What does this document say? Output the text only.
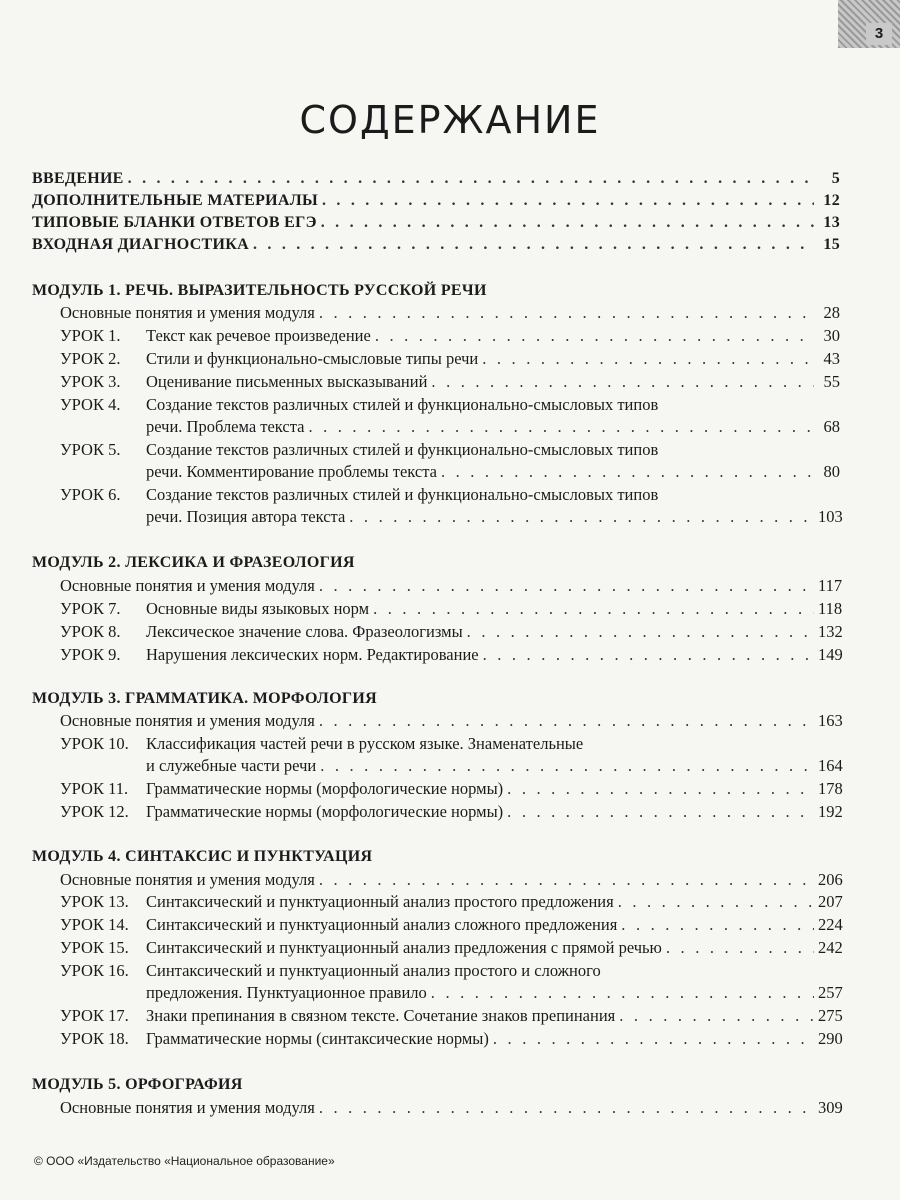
3
СОДЕРЖАНИЕ
ВВЕДЕНИЕ . . .	5
ДОПОЛНИТЕЛЬНЫЕ МАТЕРИАЛЫ . . .	12
ТИПОВЫЕ БЛАНКИ ОТВЕТОВ ЕГЭ . . .	13
ВХОДНАЯ ДИАГНОСТИКА . . .	15
МОДУЛЬ 1. РЕЧЬ. ВЫРАЗИТЕЛЬНОСТЬ РУССКОЙ РЕЧИ
Основные понятия и умения модуля . . .	28
УРОК 1. Текст как речевое произведение . . .	30
УРОК 2. Стили и функционально-смысловые типы речи . . .	43
УРОК 3. Оценивание письменных высказываний . . .	55
УРОК 4. Создание текстов различных стилей и функционально-смысловых типов
речи. Проблема текста . . .	68
УРОК 5. Создание текстов различных стилей и функционально-смысловых типов
речи. Комментирование проблемы текста . . .	80
УРОК 6. Создание текстов различных стилей и функционально-смысловых типов
речи. Позиция автора текста . . .	103
МОДУЛЬ 2. ЛЕКСИКА И ФРАЗЕОЛОГИЯ
Основные понятия и умения модуля . . .	117
УРОК 7. Основные виды языковых норм . . .	118
УРОК 8. Лексическое значение слова. Фразеологизмы . . .	132
УРОК 9. Нарушения лексических норм. Редактирование . . .	149
МОДУЛЬ 3. ГРАММАТИКА. МОРФОЛОГИЯ
Основные понятия и умения модуля . . .	163
УРОК 10. Классификация частей речи в русском языке. Знаменательные
и служебные части речи . . .	164
УРОК 11. Грамматические нормы (морфологические нормы) . . .	178
УРОК 12. Грамматические нормы (морфологические нормы) . . .	192
МОДУЛЬ 4. СИНТАКСИС И ПУНКТУАЦИЯ
Основные понятия и умения модуля . . .	206
УРОК 13. Синтаксический и пунктуационный анализ простого предложения . . .	207
УРОК 14. Синтаксический и пунктуационный анализ сложного предложения . . .	224
УРОК 15. Синтаксический и пунктуационный анализ предложения с прямой речью . . .	242
УРОК 16. Синтаксический и пунктуационный анализ простого и сложного
предложения. Пунктуационное правило . . .	257
УРОК 17. Знаки препинания в связном тексте. Сочетание знаков препинания . . .	275
УРОК 18. Грамматические нормы (синтаксические нормы) . . .	290
МОДУЛЬ 5. ОРФОГРАФИЯ
Основные понятия и умения модуля . . .	309
© ООО «Издательство «Национальное образование»
